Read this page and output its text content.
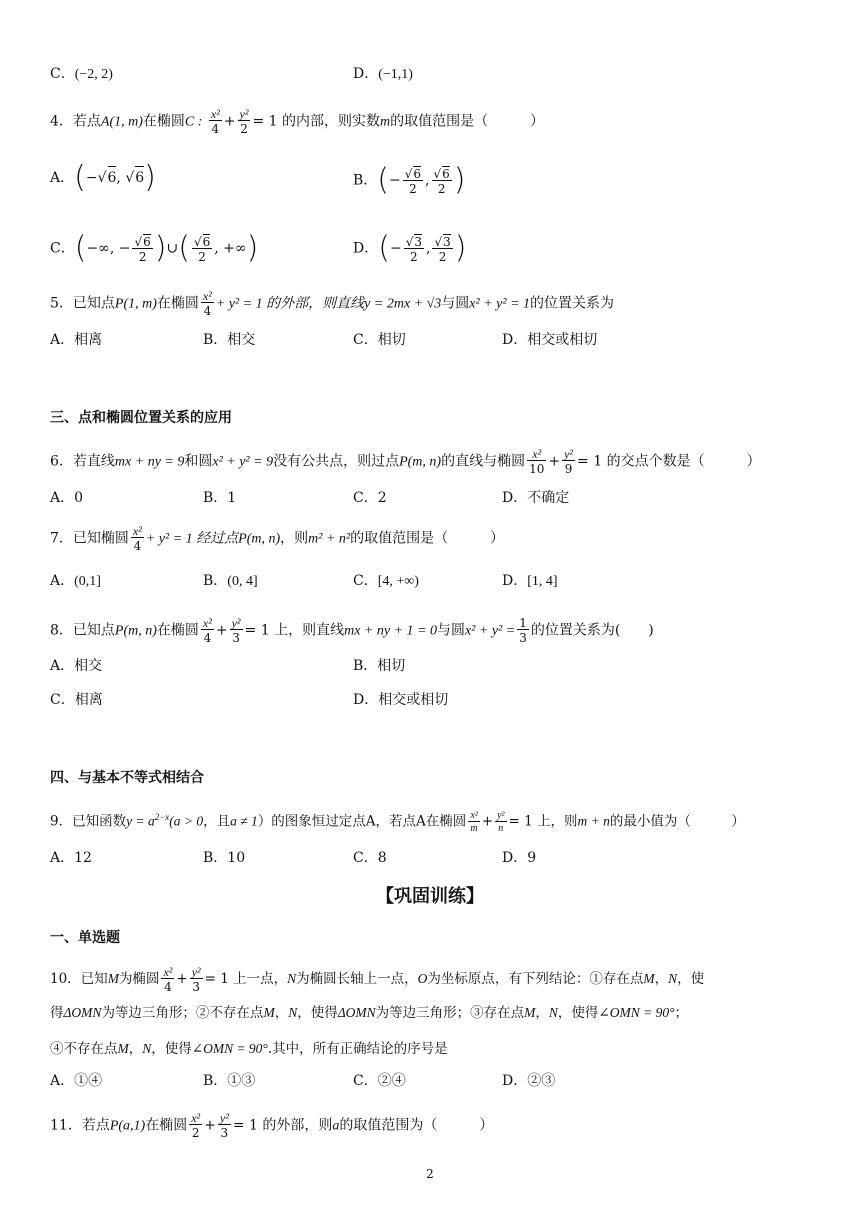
C．(−2, 2)	D．(−1,1)
4．若点A(1, m)在椭圆C : $\frac{\text{x²}}{4} + \frac{\text{y²}}{2} = 1$ 的内部，则实数m的取值范围是（　　　）
A．(−√6, √6)	B．(− $\frac{√6}{2}$ , $\frac{√6}{2}$ )
C．(−∞, − $\frac{√6}{2}$ )∪( $\frac{√6}{2}$ , +∞)	D．(− $\frac{√3}{2}$ , $\frac{√3}{2}$ )
5．已知点P(1, m)在椭圆 $\frac{\text{x²}}{4} + y^2 = 1$ 的外部，则直线y = 2mx + √3与圆x² + y² = 1的位置关系为
A．相离	B．相交	C．相切	D．相交或相切
三、点和椭圆位置关系的应用
6．若直线mx + ny = 9和圆x² + y² = 9没有公共点，则过点P(m, n)的直线与椭圆 $\frac{\text{x²}}{10} + \frac{\text{y²}}{9} = 1$ 的交点个数是（　　　）
A．0	B．1	C．2	D．不确定
7．已知椭圆 $\frac{\text{x²}}{4} + y^2 = 1$ 经过点P(m, n)，则m² + n²的取值范围是（　　　）
A．(0,1]	B．(0, 4]	C．[4, +∞)	D．[1, 4]
8．已知点P(m, n)在椭圆 $\frac{\text{x²}}{4} + \frac{\text{y²}}{3} = 1$ 上，则直线mx + ny + 1 = 0与圆$x^2 + y^2 = \frac{1}{3}$ 的位置关系为(　　)
A．相交	B．相切
C．相离	D．相交或相切
四、与基本不等式相结合
9．已知函数$y = a^{2-x}(a > 0$，且a ≠ 1）的图象恒过定点A，若点A在椭圆 $\frac{\text{x²}}{m} + \frac{\text{y²}}{n} = 1$ 上，则m + n的最小值为（　　　）
A．12	B．10	C．8	D．9
【巩固训练】
一、单选题
10．已知M为椭圆 $\frac{\text{x²}}{4} + \frac{\text{y²}}{3} = 1$ 上一点，N为椭圆长轴上一点，O为坐标原点，有下列结论：①存在点M，N，使
得ΔOMN为等边三角形；②不存在点M，N，使得ΔOMN为等边三角形；③存在点M，N，使得∠OMN = 90°；
④不存在点M，N，使得∠OMN = 90°.其中，所有正确结论的序号是
A．①④	B．①③	C．②④	D．②③
11．若点P(a,1)在椭圆 $\frac{\text{x²}}{2} + \frac{\text{y²}}{3} = 1$ 的外部，则a的取值范围为（　　　）
2
